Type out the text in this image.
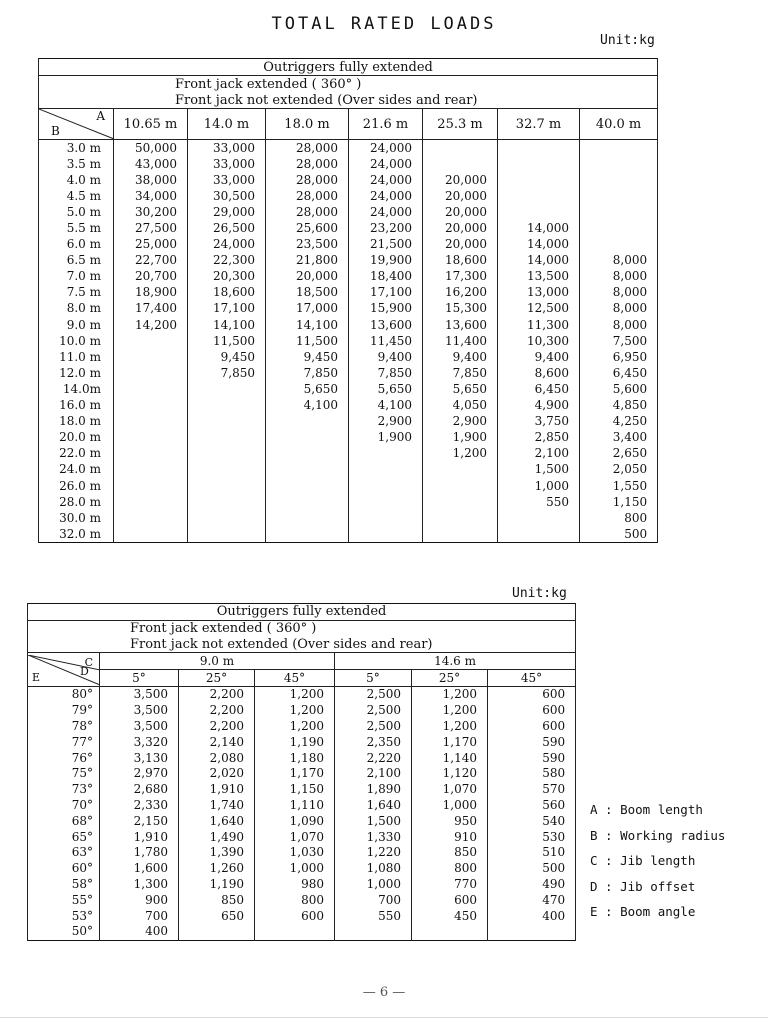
TOTAL RATED LOADS
Unit:kg
Outriggers fully extended							
Front jack extended ( 360° )							
Front jack not extended (Over sides and rear)							

A
B	10.65 m	14.0 m	18.0 m	21.6 m	25.3 m	32.7 m	40.0 m
3.0 m	50,000	33,000	28,000	24,000			
3.5 m	43,000	33,000	28,000	24,000			
4.0 m	38,000	33,000	28,000	24,000	20,000		
4.5 m	34,000	30,500	28,000	24,000	20,000		
5.0 m	30,200	29,000	28,000	24,000	20,000		
5.5 m	27,500	26,500	25,600	23,200	20,000	14,000	
6.0 m	25,000	24,000	23,500	21,500	20,000	14,000	
6.5 m	22,700	22,300	21,800	19,900	18,600	14,000	8,000
7.0 m	20,700	20,300	20,000	18,400	17,300	13,500	8,000
7.5 m	18,900	18,600	18,500	17,100	16,200	13,000	8,000
8.0 m	17,400	17,100	17,000	15,900	15,300	12,500	8,000
9.0 m	14,200	14,100	14,100	13,600	13,600	11,300	8,000
10.0 m		11,500	11,500	11,450	11,400	10,300	7,500
11.0 m		9,450	9,450	9,400	9,400	9,400	6,950
12.0 m		7,850	7,850	7,850	7,850	8,600	6,450
14.0m			5,650	5,650	5,650	6,450	5,600
16.0 m			4,100	4,100	4,050	4,900	4,850
18.0 m				2,900	2,900	3,750	4,250
20.0 m				1,900	1,900	2,850	3,400
22.0 m					1,200	2,100	2,650
24.0 m						1,500	2,050
26.0 m						1,000	1,550
28.0 m						550	1,150
30.0 m							800
32.0 m							500
Unit:kg
Outriggers fully extended						
Front jack extended ( 360° )						
Front jack not extended (Over sides and rear)						

C
D
E	9.0 m			14.6 m		
	5°	25°	45°	5°	25°	45°
80°	3,500	2,200	1,200	2,500	1,200	600
79°	3,500	2,200	1,200	2,500	1,200	600
78°	3,500	2,200	1,200	2,500	1,200	600
77°	3,320	2,140	1,190	2,350	1,170	590
76°	3,130	2,080	1,180	2,220	1,140	590
75°	2,970	2,020	1,170	2,100	1,120	580
73°	2,680	1,910	1,150	1,890	1,070	570
70°	2,330	1,740	1,110	1,640	1,000	560
68°	2,150	1,640	1,090	1,500	950	540
65°	1,910	1,490	1,070	1,330	910	530
63°	1,780	1,390	1,030	1,220	850	510
60°	1,600	1,260	1,000	1,080	800	500
58°	1,300	1,190	980	1,000	770	490
55°	900	850	800	700	600	470
53°	700	650	600	550	450	400
50°	400					
A : Boom length
B : Working radius
C : Jib length
D : Jib offset
E : Boom angle
— 6 —
